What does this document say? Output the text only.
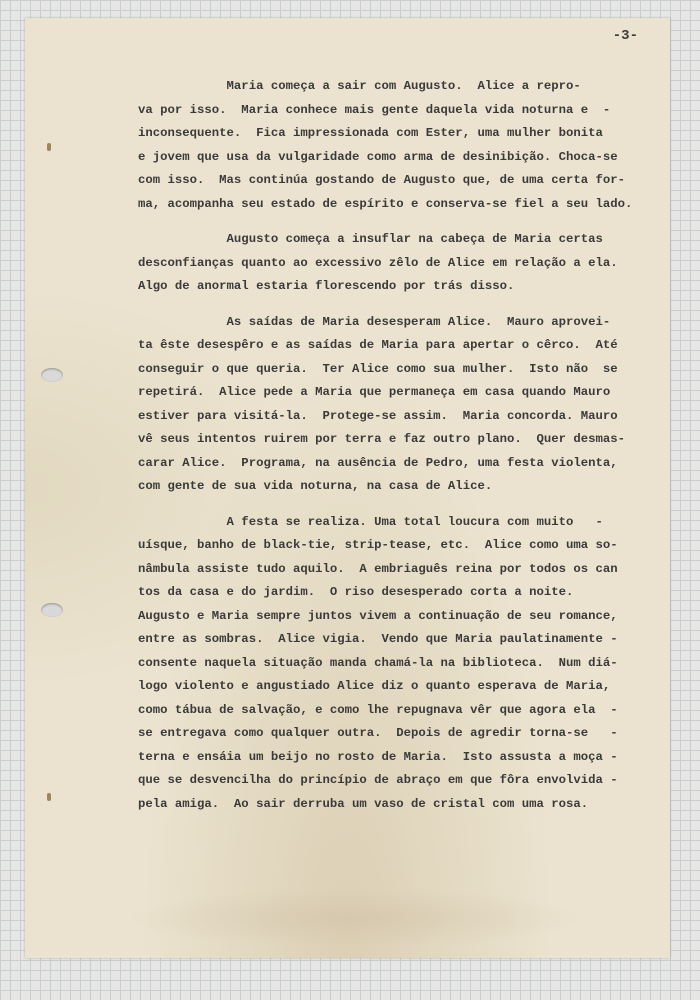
-3-
Maria começa a sair com Augusto.  Alice a repro-
va por isso.  Maria conhece mais gente daquela vida noturna e  -
inconsequente.  Fica impressionada com Ester, uma mulher bonita
e jovem que usa da vulgaridade como arma de desinibição. Choca-se
com isso.  Mas continúa gostando de Augusto que, de uma certa for-
ma, acompanha seu estado de espírito e conserva-se fiel a seu lado.
Augusto começa a insuflar na cabeça de Maria certas
desconfianças quanto ao excessivo zêlo de Alice em relação a ela.
Algo de anormal estaria florescendo por trás disso.
As saídas de Maria desesperam Alice.  Mauro aprovei-
ta êste desespêro e as saídas de Maria para apertar o cêrco.  Até
conseguir o que queria.  Ter Alice como sua mulher.  Isto não  se
repetirá.  Alice pede a Maria que permaneça em casa quando Mauro
estiver para visitá-la.  Protege-se assim.  Maria concorda. Mauro
vê seus intentos ruirem por terra e faz outro plano.  Quer desmas-
carar Alice.  Programa, na ausência de Pedro, uma festa violenta,
com gente de sua vida noturna, na casa de Alice.
A festa se realiza. Uma total loucura com muito   -
uísque, banho de black-tie, strip-tease, etc.  Alice como uma so-
nâmbula assiste tudo aquilo.  A embriaguês reina por todos os can
tos da casa e do jardim.  O riso desesperado corta a noite.
Augusto e Maria sempre juntos vivem a continuação de seu romance,
entre as sombras.  Alice vigia.  Vendo que Maria paulatinamente -
consente naquela situação manda chamá-la na biblioteca.  Num diá-
logo violento e angustiado Alice diz o quanto esperava de Maria,
como tábua de salvação, e como lhe repugnava vêr que agora ela  -
se entregava como qualquer outra.  Depois de agredir torna-se   -
terna e ensáia um beijo no rosto de Maria.  Isto assusta a moça -
que se desvencilha do princípio de abraço em que fôra envolvida -
pela amiga.  Ao sair derruba um vaso de cristal com uma rosa.
